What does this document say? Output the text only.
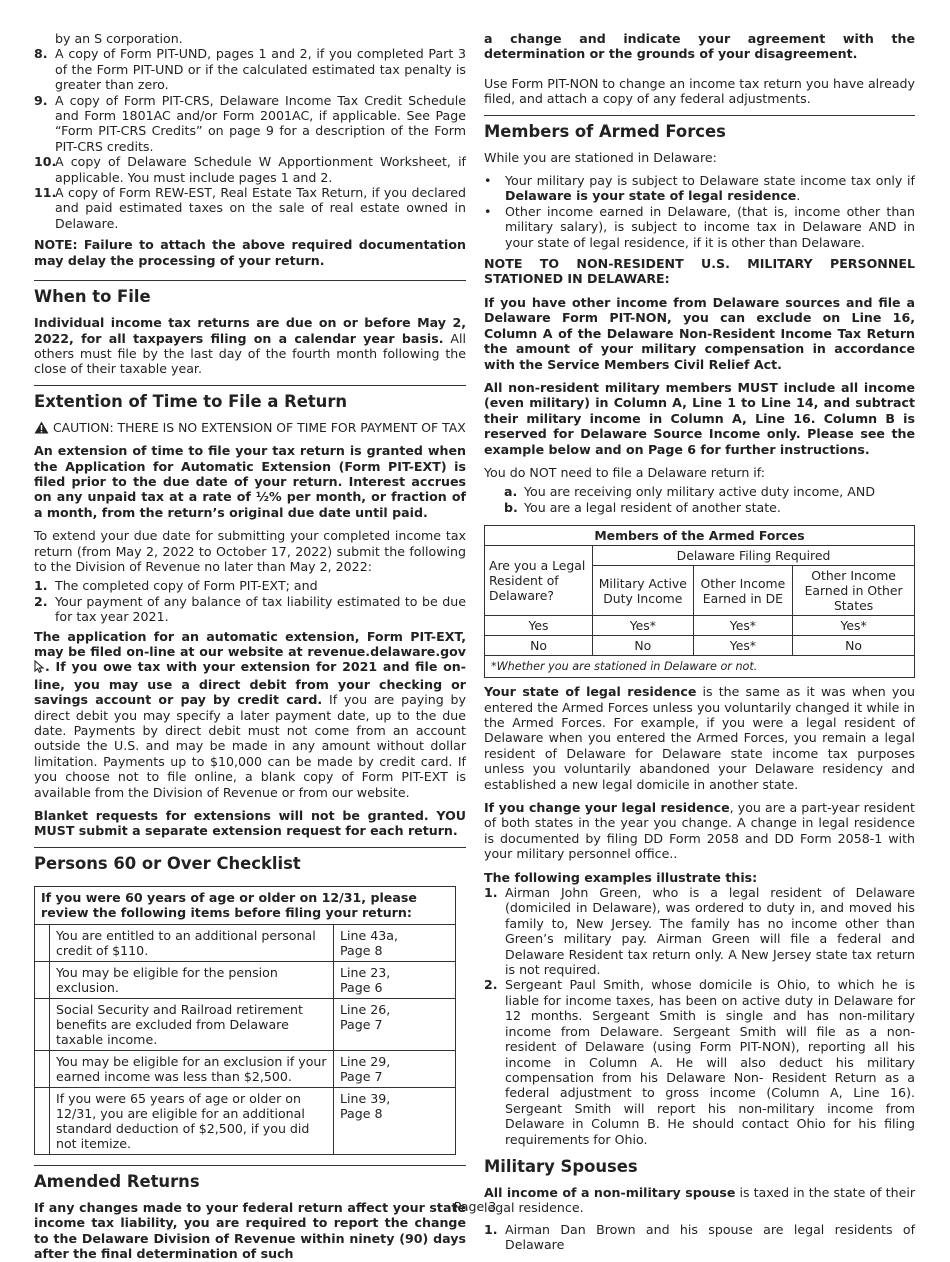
by an S corporation.

8. A copy of Form PIT-UND, pages 1 and 2, if you completed Part 3 of the Form PIT-UND or if the calculated estimated tax penalty is greater than zero.
9. A copy of Form PIT-CRS, Delaware Income Tax Credit Schedule and Form 1801AC and/or Form 2001AC, if applicable. See Page “Form PIT-CRS Credits” on page 9 for a description of the Form PIT-CRS credits.
10.
A copy of Delaware Schedule W Apportionment Worksheet, if applicable. You must include pages 1 and 2.
11.
A copy of Form REW-EST, Real Estate Tax Return, if you declared and paid estimated taxes on the sale of real estate owned in Delaware.

NOTE: Failure to attach the above required documentation may delay the processing of your return.

When to File

Individual income tax returns are due on or before May 2, 2022, for all taxpayers filing on a calendar year basis. All others must file by the last day of the fourth month following the close of their taxable year.

Extention of Time to File a Return
CAUTION: THERE IS NO EXTENSION OF TIME FOR PAYMENT OF TAX

An extension of time to file your tax return is granted when the Application for Automatic Extension (Form PIT-EXT) is filed prior to the due date of your return. Interest accrues on any unpaid tax at a rate of ½% per month, or fraction of a month, from the return’s original due date until paid.

To extend your due date for submitting your completed income tax return (from May 2, 2022 to October 17, 2022) submit the following to the Division of Revenue no later than May 2, 2022:

1. The completed copy of Form PIT-EXT; and
2. Your payment of any balance of tax liability estimated to be due for tax year 2021.

The application for an automatic extension, Form PIT-EXT, may be filed on-line at our website at revenue.delaware.gov . If you owe tax with your extension for 2021 and file on-line, you may use a direct debit from your checking or savings account or pay by credit card. If you are paying by direct debit you may specify a later payment date, up to the due date. Payments by direct debit must not come from an account outside the U.S. and may be made in any amount without dollar limitation. Payments up to $10,000 can be made by credit card. If you choose not to file online, a blank copy of Form PIT-EXT is available from the Division of Revenue or from our website.

Blanket requests for extensions will not be granted. YOU MUST submit a separate extension request for each return.

Persons 60 or Over Checklist
If you were 60 years of age or older on 12/31, please review the following items before filing your return:		
	You are entitled to an additional personal credit of $110.	Line 43a,
Page 8
	You may be eligible for the pension exclusion.	Line 23,
Page 6
	Social Security and Railroad retirement benefits are excluded from Delaware taxable income.	Line 26,
Page 7
	You may be eligible for an exclusion if your earned income was less than $2,500.	Line 29,
Page 7
	If you were 65 years of age or older on 12/31, you are eligible for an additional standard deduction of $2,500, if you did not itemize.	Line 39,
Page 8
Amended Returns

If any changes made to your federal return affect your state income tax liability, you are required to report the change to the Delaware Division of Revenue within ninety (90) days after the final determination of such

a change and indicate your agreement with the determination or the grounds of your disagreement.

Use Form PIT-NON to change an income tax return you have already filed, and attach a copy of any federal adjustments.

Members of Armed Forces

While you are stationed in Delaware:

• Your military pay is subject to Delaware state income tax only if Delaware is your state of legal residence.
• Other income earned in Delaware, (that is, income other than military salary), is subject to income tax in Delaware AND in your state of legal residence, if it is other than Delaware.

NOTE TO NON-RESIDENT U.S. MILITARY PERSONNEL STATIONED IN DELAWARE:

If you have other income from Delaware sources and file a Delaware Form PIT-NON, you can exclude on Line 16, Column A of the Delaware Non-Resident Income Tax Return the amount of your military compensation in accordance with the Service Members Civil Relief Act.

All non-resident military members MUST include all income (even military) in Column A, Line 1 to Line 14, and subtract their military income in Column A, Line 16. Column B is reserved for Delaware Source Income only. Please see the example below and on Page 6 for further instructions.

You do NOT need to file a Delaware return if:

a. You are receiving only military active duty income, AND
b. You are a legal resident of another state.
Members of the Armed Forces			
Are you a Legal Resident of Delaware?	Delaware Filing Required		
	Military Active Duty Income	Other Income Earned in DE	Other Income Earned in Other States
Yes	Yes*	Yes*	Yes*
No	No	Yes*	No
*Whether you are stationed in Delaware or not.			

Your state of legal residence is the same as it was when you entered the Armed Forces unless you voluntarily changed it while in the Armed Forces. For example, if you were a legal resident of Delaware when you entered the Armed Forces, you remain a legal resident of Delaware for Delaware state income tax purposes unless you voluntarily abandoned your Delaware residency and established a new legal domicile in another state.

If you change your legal residence, you are a part-year resident of both states in the year you change. A change in legal residence is documented by filing DD Form 2058 and DD Form 2058-1 with your military personnel office..

The following examples illustrate this:

1. Airman John Green, who is a legal resident of Delaware (domiciled in Delaware), was ordered to duty in, and moved his family to, New Jersey. The family has no income other than Green’s military pay. Airman Green will file a federal and Delaware Resident tax return only. A New Jersey state tax return is not required.
2. Sergeant Paul Smith, whose domicile is Ohio, to which he is liable for income taxes, has been on active duty in Delaware for 12 months. Sergeant Smith is single and has non-military income from Delaware. Sergeant Smith will file as a non-resident of Delaware (using Form PIT-NON), reporting all his income in Column A. He will also deduct his military compensation from his Delaware Non- Resident Return as a federal adjustment to gross income (Column A, Line 16). Sergeant Smith will report his non-military income from Delaware in Column B. He should contact Ohio for his filing requirements for Ohio.
Military Spouses

All income of a non-military spouse is taxed in the state of their legal residence.

1. Airman Dan Brown and his spouse are legal residents of Delaware
Page 3
